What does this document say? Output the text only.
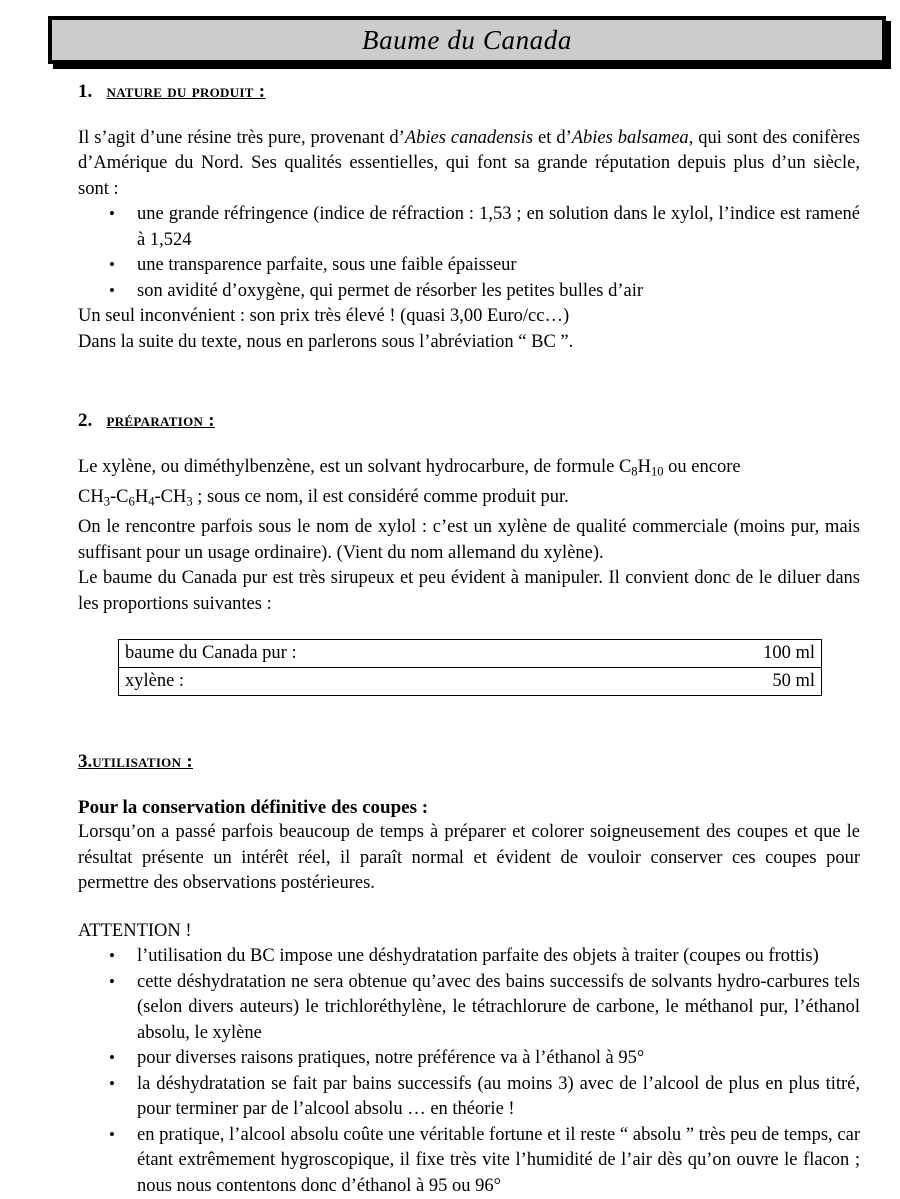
Baume du Canada
1. nature du produit :

Il s’agit d’une résine très pure, provenant d’Abies canadensis et d’Abies balsamea, qui sont des conifères d’Amérique du Nord. Ses qualités essentielles, qui font sa grande réputation depuis plus d’un siècle, sont :

• une grande réfringence (indice de réfraction : 1,53 ; en solution dans le xylol, l’indice est ramené à 1,524
• une transparence parfaite, sous une faible épaisseur
• son avidité d’oxygène, qui permet de résorber les petites bulles d’air

Un seul inconvénient : son prix très élevé ! (quasi 3,00 Euro/cc…)

Dans la suite du texte, nous en parlerons sous l’abréviation “ BC ”.

2. préparation :

Le xylène, ou diméthylbenzène, est un solvant hydrocarbure, de formule $C_8H_{10}$ ou encore
$CH_3-C_6H_4-CH_3$ ; sous ce nom, il est considéré comme produit pur.

On le rencontre parfois sous le nom de xylol : c’est un xylène de qualité commerciale (moins pur, mais suffisant pour un usage ordinaire). (Vient du nom allemand du xylène).

Le baume du Canada pur est très sirupeux et peu évident à manipuler. Il convient donc de le diluer dans les proportions suivantes :

baume du Canada pur :	100 ml
xylène :	50 ml
3.utilisation :
Pour la conservation définitive des coupes :

Lorsqu’on a passé parfois beaucoup de temps à préparer et colorer soigneusement des coupes et que le résultat présente un intérêt réel, il paraît normal et évident de vouloir conserver ces coupes pour permettre des observations postérieures.

ATTENTION !

• l’utilisation du BC impose une déshydratation parfaite des objets à traiter (coupes ou frottis)
• cette déshydratation ne sera obtenue qu’avec des bains successifs de solvants hydro-carbures tels (selon divers auteurs) le trichloréthylène, le tétrachlorure de carbone, le méthanol pur, l’éthanol absolu, le xylène
• pour diverses raisons pratiques, notre préférence va à l’éthanol à 95°
• la déshydratation se fait par bains successifs (au moins 3) avec de l’alcool de plus en plus titré, pour terminer par de l’alcool absolu … en théorie !
• en pratique, l’alcool absolu coûte une véritable fortune et il reste “ absolu ” très peu de temps, car étant extrêmement hygroscopique, il fixe très vite l’humidité de l’air dès qu’on ouvre le flacon ; nous nous contentons donc d’éthanol à 95 ou 96°
